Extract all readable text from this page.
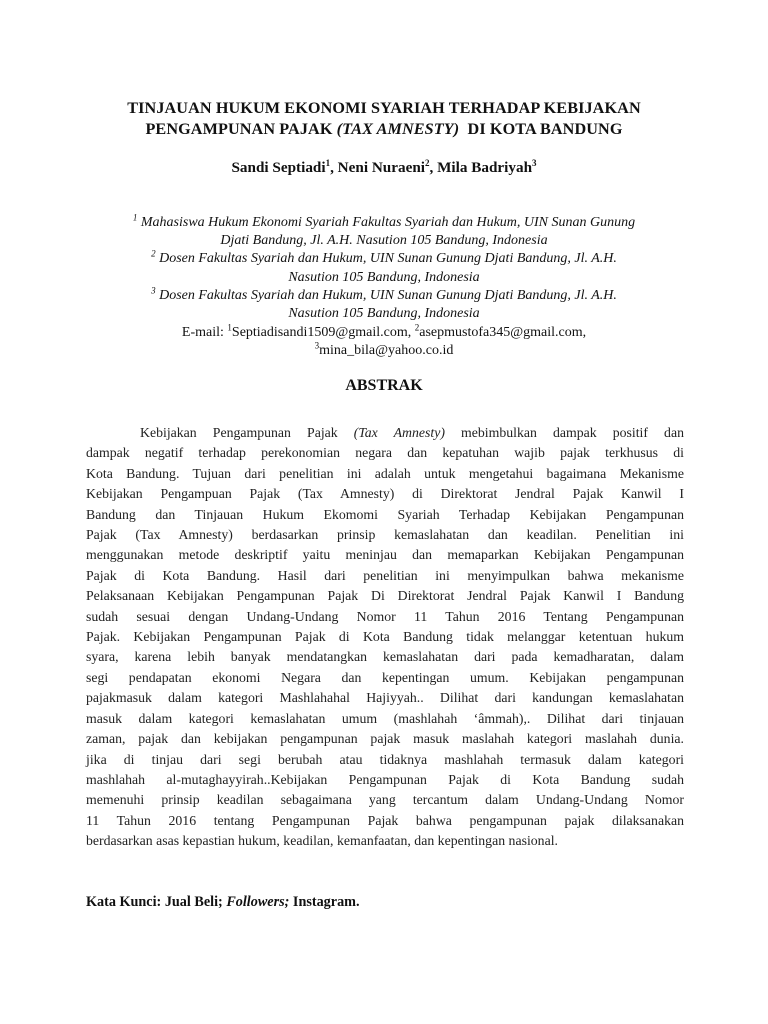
TINJAUAN HUKUM EKONOMI SYARIAH TERHADAP KEBIJAKAN
PENGAMPUNAN PAJAK (TAX AMNESTY)  DI KOTA BANDUNG
Sandi Septiadi$^1$, Neni Nuraeni$^2$, Mila Badriyah$^3$

$^1$ Mahasiswa Hukum Ekonomi Syariah Fakultas Syariah dan Hukum, UIN Sunan Gunung

Djati Bandung, Jl. A.H. Nasution 105 Bandung, Indonesia

$^2$ Dosen Fakultas Syariah dan Hukum, UIN Sunan Gunung Djati Bandung, Jl. A.H.

Nasution 105 Bandung, Indonesia

$^3$ Dosen Fakultas Syariah dan Hukum, UIN Sunan Gunung Djati Bandung, Jl. A.H.

Nasution 105 Bandung, Indonesia

E-mail: $^1$Septiadisandi1509@gmail.com, $^2$asepmustofa345@gmail.com,

$^3$mina_bila@yahoo.co.id

ABSTRAK
Kebijakan Pengampunan Pajak (Tax Amnesty) mebimbulkan dampak positif dan
dampak negatif terhadap perekonomian negara dan kepatuhan wajib pajak terkhusus di
Kota Bandung. Tujuan dari penelitian ini adalah untuk mengetahui bagaimana Mekanisme
Kebijakan Pengampuan Pajak (Tax Amnesty) di Direktorat Jendral Pajak Kanwil I
Bandung dan Tinjauan Hukum Ekomomi Syariah Terhadap Kebijakan Pengampunan
Pajak (Tax Amnesty) berdasarkan prinsip kemaslahatan dan keadilan. Penelitian ini
menggunakan metode deskriptif yaitu meninjau dan memaparkan Kebijakan Pengampunan
Pajak di Kota Bandung. Hasil dari penelitian ini menyimpulkan bahwa mekanisme
Pelaksanaan Kebijakan Pengampunan Pajak Di Direktorat Jendral Pajak Kanwil I Bandung
sudah sesuai dengan Undang-Undang Nomor 11 Tahun 2016 Tentang Pengampunan
Pajak. Kebijakan Pengampunan Pajak di Kota Bandung tidak melanggar ketentuan hukum
syara, karena lebih banyak mendatangkan kemaslahatan dari pada kemadharatan, dalam
segi pendapatan ekonomi Negara dan kepentingan umum. Kebijakan pengampunan
pajakmasuk dalam kategori Mashlahahal Hajiyyah.. Dilihat dari kandungan kemaslahatan
masuk dalam kategori kemaslahatan umum (mashlahah ‘âmmah),. Dilihat dari tinjauan
zaman, pajak dan kebijakan pengampunan pajak masuk maslahah kategori maslahah dunia.
jika di tinjau dari segi berubah atau tidaknya mashlahah termasuk dalam kategori
mashlahah al-mutaghayyirah..Kebijakan Pengampunan Pajak di Kota Bandung sudah
memenuhi prinsip keadilan sebagaimana yang tercantum dalam Undang-Undang Nomor
11 Tahun 2016 tentang Pengampunan Pajak bahwa pengampunan pajak dilaksanakan
berdasarkan asas kepastian hukum, keadilan, kemanfaatan, dan kepentingan nasional.
Kata Kunci: Jual Beli; Followers; Instagram.
